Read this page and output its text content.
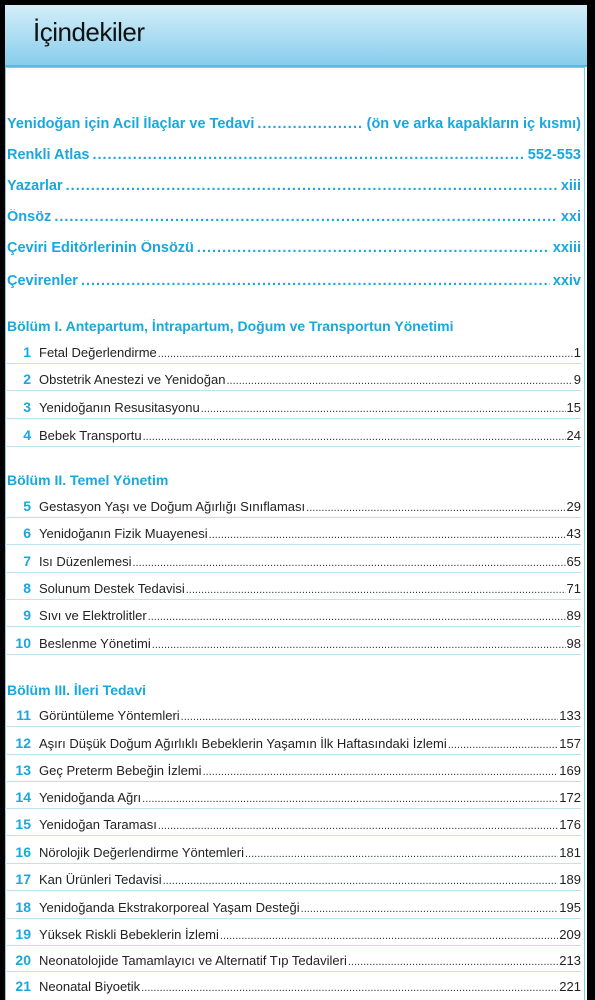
İçindekiler
Yenidoğan için Acil İlaçlar ve Tedavi .....	(ön ve arka kapakların iç kısmı)
Renkli Atlas .....	552-553
Yazarlar .....	xiii
Önsöz .....	xxi
Çeviri Editörlerinin Önsözü .....	xxiii
Çevirenler .....	xxiv
Bölüm I. Antepartum, İntrapartum, Doğum ve Transportun Yönetimi
1 Fetal Değerlendirme .....	1
2 Obstetrik Anestezi ve Yenidoğan .....	9
3 Yenidoğanın Resusitasyonu .....	15
4 Bebek Transportu .....	24
Bölüm II. Temel Yönetim
5 Gestasyon Yaşı ve Doğum Ağırlığı Sınıflaması .....	29
6 Yenidoğanın Fizik Muayenesi .....	43
7 Isı Düzenlemesi .....	65
8 Solunum Destek Tedavisi .....	71
9 Sıvı ve Elektrolitler .....	89
10 Beslenme Yönetimi .....	98
Bölüm III. İleri Tedavi
11 Görüntüleme Yöntemleri .....	133
12 Aşırı Düşük Doğum Ağırlıklı Bebeklerin Yaşamın İlk Haftasındaki İzlemi .....	157
13 Geç Preterm Bebeğin İzlemi .....	169
14 Yenidoğanda Ağrı .....	172
15 Yenidoğan Taraması .....	176
16 Nörolojik Değerlendirme Yöntemleri .....	181
17 Kan Ürünleri Tedavisi .....	189
18 Yenidoğanda Ekstrakorporeal Yaşam Desteği .....	195
19 Yüksek Riskli Bebeklerin İzlemi .....	209
20 Neonatolojide Tamamlayıcı ve Alternatif Tıp Tedavileri .....	213
21 Neonatal Biyoetik .....	221
